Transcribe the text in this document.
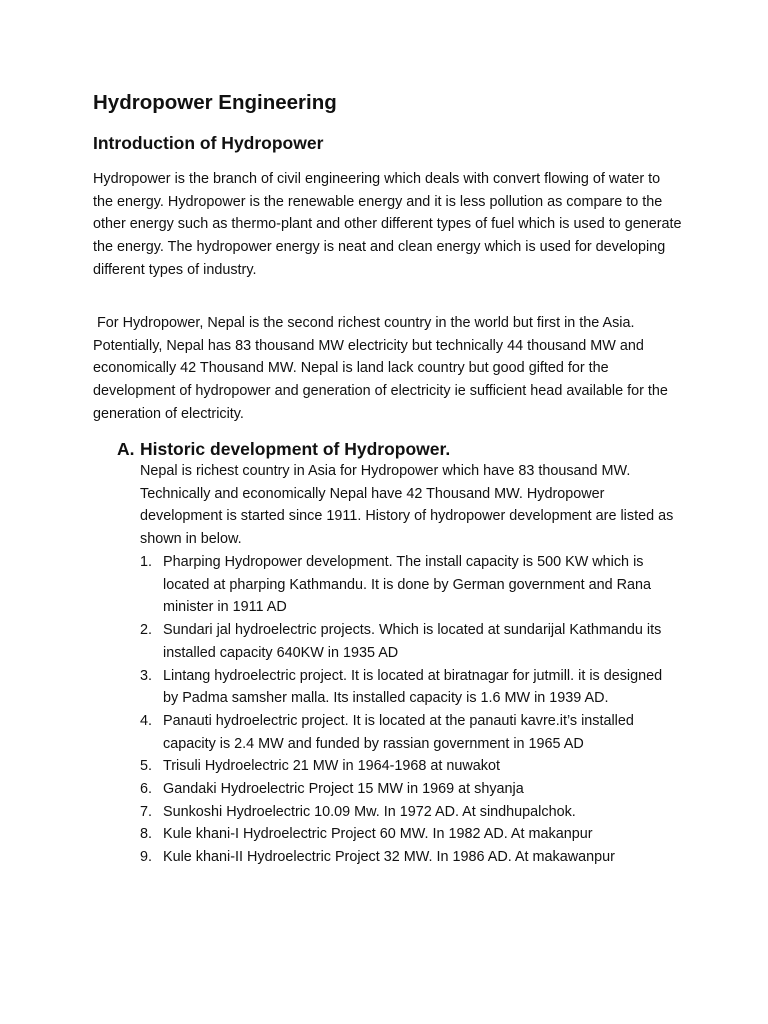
Hydropower Engineering
Introduction of Hydropower

Hydropower is the branch of civil engineering which deals with convert flowing of water to the energy. Hydropower is the renewable energy and it is less pollution as compare to the other energy such as thermo-plant and other different types of fuel which is used to generate the energy. The hydropower energy is neat and clean energy which is used for developing different types of industry.

For Hydropower, Nepal is the second richest country in the world but first in the Asia. Potentially, Nepal has 83 thousand MW electricity but technically 44 thousand MW and economically 42 Thousand MW. Nepal is land lack country but good gifted for the development of hydropower and generation of electricity ie sufficient head available for the generation of electricity.

A. Historic development of Hydropower.

Nepal is richest country in Asia for Hydropower which have 83 thousand MW. Technically and economically Nepal have 42 Thousand MW. Hydropower development is started since 1911. History of hydropower development are listed as shown in below.

1. Pharping Hydropower development. The install capacity is 500 KW which is located at pharping Kathmandu. It is done by German government and Rana minister in 1911 AD
2. Sundari jal hydroelectric projects. Which is located at sundarijal Kathmandu its installed capacity 640KW in 1935 AD
3. Lintang hydroelectric project. It is located at biratnagar for jutmill. it is designed by Padma samsher malla. Its installed capacity is 1.6 MW in 1939 AD.
4. Panauti hydroelectric project. It is located at the panauti kavre.it’s installed capacity is 2.4 MW and funded by rassian government in 1965 AD
5. Trisuli Hydroelectric 21 MW in 1964-1968 at nuwakot
6. Gandaki Hydroelectric Project 15 MW in 1969 at shyanja
7. Sunkoshi Hydroelectric 10.09 Mw. In 1972 AD. At sindhupalchok.
8. Kule khani-I Hydroelectric Project 60 MW. In 1982 AD. At makanpur
9. Kule khani-II Hydroelectric Project 32 MW. In 1986 AD. At makawanpur
